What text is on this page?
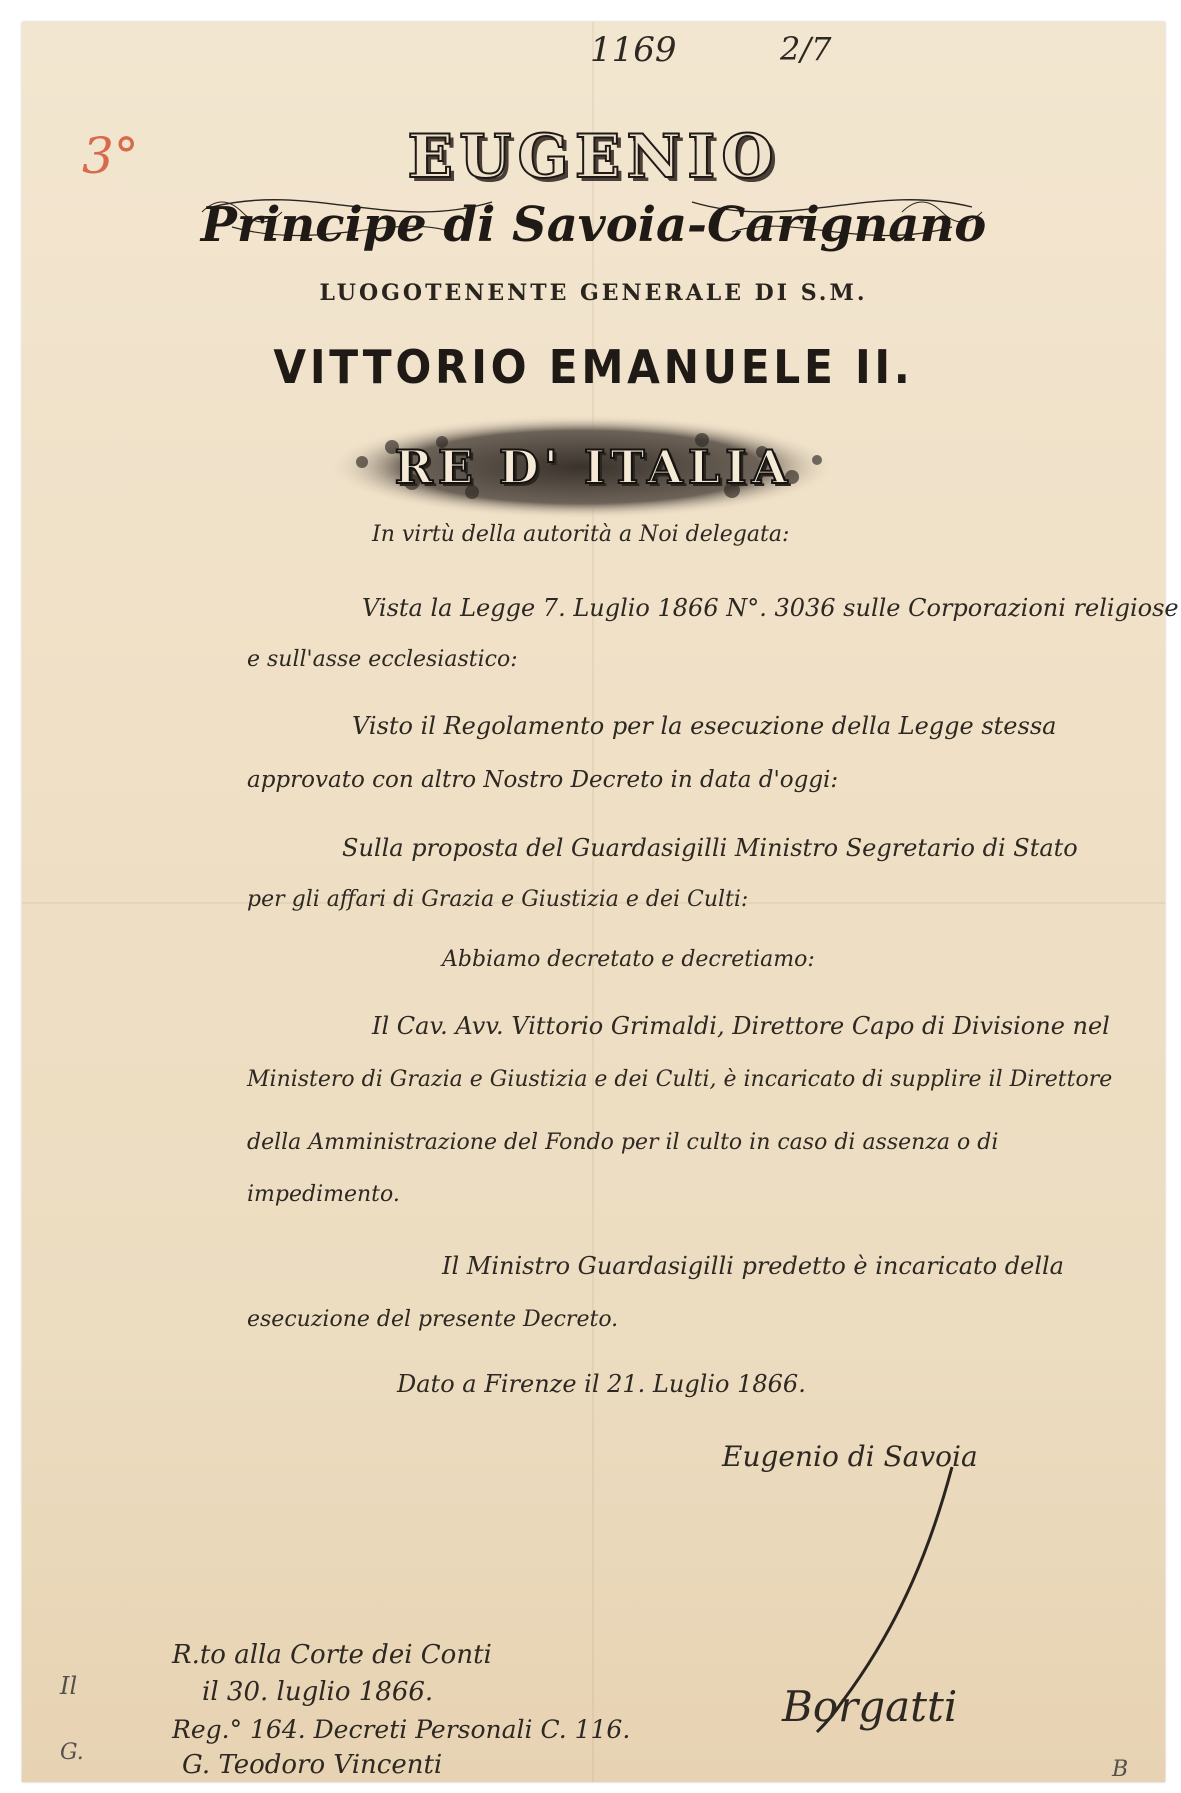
1169	2/7
3°	EUGENIO
Principe di Savoia-Carignano
LUOGOTENENTE GENERALE DI S.M.
VITTORIO EMANUELE II.
RE D' ITALIA
In virtù della autorità a Noi delegata:
Vista la Legge 7. Luglio 1866 N°. 3036 sulle Corporazioni religiose
e sull'asse ecclesiastico:
Visto il Regolamento per la esecuzione della Legge stessa
approvato con altro Nostro Decreto in data d'oggi:
Sulla proposta del Guardasigilli Ministro Segretario di Stato
per gli affari di Grazia e Giustizia e dei Culti:
Abbiamo decretato e decretiamo:
Il Cav. Avv. Vittorio Grimaldi, Direttore Capo di Divisione nel
Ministero di Grazia e Giustizia e dei Culti, è incaricato di supplire il Direttore
della Amministrazione del Fondo per il culto in caso di assenza o di
impedimento.
Il Ministro Guardasigilli predetto è incaricato della
esecuzione del presente Decreto.
Dato a Firenze il 21. Luglio 1866.
Eugenio di Savoia
Borgatti
R.to alla Corte dei Conti
il 30. luglio 1866.
Reg.° 164. Decreti Personali C. 116.
G. Teodoro Vincenti
Il
G.
B
